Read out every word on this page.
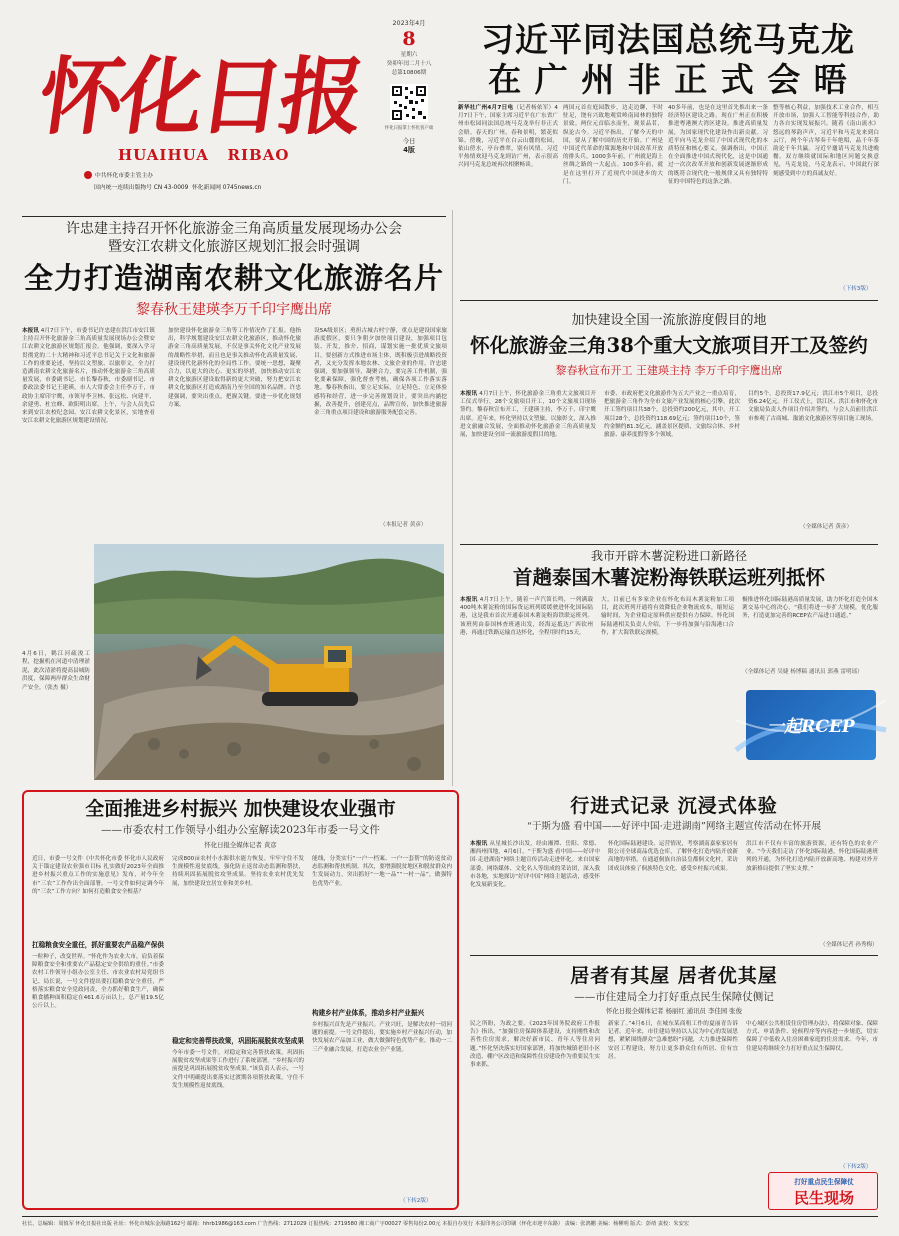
怀化日报
HUAIHUA   RIBAO
中共怀化市委主管主办
国内统一连续出版物号 CN 43-0009 怀化新闻网 0745news.cn
2023年4月
8
星期六
癸卯年闰二月十八
总第10806期
怀化日报掌上怀化客户端
今日
4版
习近平同法国总统马克龙
在 广 州 非 正 式 会 晤
新华社广州4月7日电（记者杨依军）4月7日下午，国家主席习近平在广东省广州市松园同法国总统马克龙举行非正式会晤。春天的广州，春和景明，繁花似锦。傍晚，习近平在白云山麓的松园，依山傍水，亭台叠翠，别有风情。习近平热情欢迎马克龙到访广州，表示很高兴同马克龙总统再次相聚畅谈。
两国元首在庭园散步，边走边聊，不时驻足，饶有兴致地观赏岭南园林的独特景致。两位元首临水而坐，观景品茗，纵论古今。习近平指出，了解今天的中国，要从了解中国的历史开始。广州是中国近代革命的策源地和中国改革开放的排头兵。1000多年前，广州就是海上丝绸之路的一大起点。100多年前，就是在这里打开了近现代中国进步的大门。
40多年前，也是在这里首先推出来一条经济特区建设之路。现在广州正在积极推进粤港澳大湾区建设。推进高质量发展，为国家现代化建设作出新贡献。习近平向马克龙介绍了中国式现代化的本质特征和核心要义。强调指出，中国正在全面推进中国式现代化，这是中国通过一次次改革开放和创新发展逐渐形成的既符合现代化一般规律又具有独特特征的中国特色的这条之路。
整等核心利益，加强技术工业合作，相互开放市场，加强人工智能等科技合作，助力各自实现发展振兴。随着《南山流水》悠远的琴韵声声，习近平和马克龙来到白云厅，两个年古琴奏千年绝唱，品千年茶韵论千年共赢。习近平邀请马克龙共进晚餐。双方继续就国际和地区问题交换意见，马克龙说，马克龙表示，中国此行深刻感受到中方的真诚友好。
（下转3版）
许忠建主持召开怀化旅游金三角高质量发展现场办公会
暨安江农耕文化旅游区规划汇报会时强调
全力打造湖南农耕文化旅游名片
黎春秋王建瑛李万千印宇鹰出席
本报讯 4月7日下午，市委书记许忠建在洪江市安江镇主持召开怀化旅游金三角高质量发展现场办公会暨安江农耕文化旅游区规划汇报会。他强调，要深入学习贯彻党的二十大精神和习近平总书记关于文化和旅游工作的重要论述，坚持以文塑旅、以旅彰文，全力打造湖南农耕文化旅游名片，推动怀化旅游金三角高质量发展，市委副书记、市长黎春秋，市委副书记、市委政法委书记王建瑛，市人大常委会主任李万千，市政协主席印宇鹰，市领导李卫林、张远松、向建平、余建勇、杜宜峰、欧阳明出席。上午，与会人员先后来到安江农校纪念园、安江农耕文化景区，实地查看安江农耕文化旅游区规划建设情况。
加快建设怀化旅游金三角等工作情况作了汇报。他指出，科学规划建设安江农耕文化旅游区，推动怀化旅游金三角高质量发展，不仅是事关怀化文化产业发展的战略性举措，而且也是事关推动怀化高质量发展、建设现代化新怀化的全局性工作。要统一思想，凝聚合力，以更大的决心、更实的举措，加快推动安江农耕文化旅游区建设取得新的更大突破，努力把安江农耕文化旅游区打造成湖南乃至全国的知名品牌。许忠建强调，要突出重点，把握关键，要进一步优化规划方案。
设5A级景区；勇担古城古村宁静，重点是建设国家旅游度假区，要只争朝夕加快项目建设，加强项目包装、开发，推介、招商，谋划实施一批优质文旅项目。要创新方式推进市场主体，既积极引进战略投资者，又充分发挥本地农林、文旅企业的作用。许忠建强调，要加强领导，凝聚合力，要完善工作机制，强化要素保障，强化督查考核，确保各项工作落实落地。黎春秋指出，要立足实际，立足特色，立足体验感特和经营，进一步完善规划设计，要突出内涵挖掘，改善提升，创建亮点，品牌宣传，加快推进旅游金三角重点项目建设和旅游服务配套完善。
（本报记者 黄彦）
加快建设全国一流旅游度假目的地
怀化旅游金三角38个重大文旅项目开工及签约
黎春秋宣布开工 王建瑛主持 李万千印宇鹰出席
本报讯 4月7日上午，怀化旅游金三角重大文旅项目开工仪式举行，28个文旅项目开工，10个文旅项目现场签约。黎春秋宣布开工，王建瑛主持，李万千、印宇鹰出席。近年来，怀化坚持以文塑旅、以旅彰文，深入推进文旅融合发展，全面推动怀化旅游金三角高质量发展，加快建设全国一流旅游度假目的地。
市委、市政府把文化旅游作为五大产业之一重点培育，把旅游金三角作为全市文旅产业发展的核心引擎。此次开工签约项目共38个，总投资约200亿元，其中，开工项目28个，总投资约118.69亿元；签约项目10个，签约金额约81.3亿元，涵盖景区提质、文旅综合体、乡村旅游、康养度假等多个领域。
目约5个，总投资17.9亿元；洪江市5个项目，总投资6.24亿元。开工仪式上，洪江区、洪江市和怀化市文旅局负责人作项目介绍并签约。与会人员前往洪江市参观了古商城、溆浦文化旅游区等项目施工现场。
（全媒体记者 黄彦）
4月6日，鹤江河疏浚工程，挖掘机在河道中清理淤泥，此次清淤将提高县城防洪度，保障两岸群众生命财产安全。（张杰 摄）
我市开辟木薯淀粉进口新路径
首趟泰国木薯淀粉海铁联运班列抵怀
本报讯 4月7日上午，随着一声汽笛长鸣，一列满载400吨木薯淀粉的国际货运班列缓缓驶进怀化国际陆港，这是我市首次开通泰国木薯淀粉海铁联运班列。该班列由泰国林查班港出发，经海运抵达广西钦州港，再通过铁路运输直达怀化，全程用时约15天。
大，目前已有多家企业在怀化布局木薯淀粉加工项目，此次班列开通将有效降低企业物流成本，缩短运输时间，为企业稳定原料供应提供有力保障。怀化国际陆港相关负责人介绍，下一步将加强与沿海港口合作，扩大海铁联运规模。
极推进怀化国际陆港高质量发展，助力怀化打造全国木薯交易中心的决心，“我们将进一步扩大规模，优化服务，打造更加完善的RCEP农产品进口通道。”
（全媒体记者 吴婕 杨博稿 通讯员 郭燕 雷明瑶）
一起RCEP
全面推进乡村振兴 加快建设农业强市
——市委农村工作领导小组办公室解读2023年市委一号文件
怀化日报全媒体记者 黄彦
近日，市委一号文件《中共怀化市委 怀化市人民政府关于锚定建设农业强市目标 扎实做好2023年全面推进乡村振兴重点工作的实施意见》发布，对今年全市“三农”工作作出全面部署。一号文件如何定调今年的“三农”工作方向？如何打造粮食安全根基？
扛稳粮食安全重任，抓好重要农产品稳产保供
一粒种子，改变世界。“怀化作为农业大市，肩负着保障粮食安全和重要农产品稳定安全供给的重任。”市委农村工作领导小组办公室主任、市农业农村局党组书记、局长说，一号文件提出要扛稳粮食安全重任，严格落实粮食安全党政同责，全力抓好粮食生产，确保粮食播种面积稳定在461.6万亩以上，总产量19.5亿公斤以上。
完成800亩农村小水源供水能力恢复。牢牢守住不发生规模性返贫底线，强化防止返贫动态监测和帮扶，持续巩固拓展脱贫攻坚成果。坚持农业农村优先发展，加快建设宜居宜业和美乡村。
稳定和完善帮扶政策，巩固拓展脱贫攻坚成果
今年市委一号文件，对稳定和完善帮扶政策，巩固拓展脱贫攻坚成果等工作进行了系统部署。“乡村振兴的前提是巩固拓展脱贫攻坚成果。”该负责人表示，一号文件中明确提出要落实过渡期各项帮扶政策，守住不发生规模性返贫底线。
能线，分类实行“一户一档案、一户一套帮”的防返贫动态监测和帮扶机制。其次，要增强脱贫地区和脱贫群众内生发展动力，突出抓好“一地一品”“一村一品”，做强特色优势产业。
构建乡村产业体系，推动乡村产业振兴
乡村振兴首先是产业振兴。产业兴旺，是解决农村一切问题的前提。一号文件提出，要实施乡村产业振兴行动，加快发展农产品加工业，做大做强特色优势产业，推动一二三产业融合发展，打造农业全产业链。
（下转2版）
行进式记录 沉浸式体验
“于斯为盛 看中国——好评中国·走进湖南”网络主题宣传活动在怀开展
本报讯 从星城长沙出发，经由湘潭、岳阳、常德、湘西州四地，4月6日，“于斯为盛 看中国——好评中国·走进湖南”网络主题宣传活动走进怀化。来自国家部委、网络媒体、文化名人等组成的采访团，深入我市各地，实地探访“好评中国”网络主题活动，感受怀化发展新变化。
怀化国际陆港建设、运营情况，考察湖南嘉家家居有限公司全球商品优选仓库，了解怀化打造内陆开放新高地的举措。在通道侗族自治县皇都侗文化村，采访团成员体验了侗族特色文化，感受乡村振兴成果。
洪江市不仅有丰富的旅游资源，还有特色的农业产业。“今天我们走访了怀化国际陆港，怀化国际陆港班列的开通，为怀化打造内陆开放新高地、构建对外开放新格局提供了坚实支撑。”
（全媒体记者 孙秀梅）
居者有其屋 居者优其屋
——市住建局全力打好重点民生保障仗侧记
怀化日报全媒体记者 杨丽红 通讯员 李佳园 张俊
民之所盼，为政之要。《2023年国务院政府工作报告》指出，“加强住房保障体系建设，支持刚性和改善性住房需求，解决好新市民、青年人等住房问题。”怀化坚决落实好国家部署，将加快城镇老旧小区改造、棚户区改造和保障性住房建设作为重要民生实事来抓。
新家了。”4月6日，在城东某商租工作的夏丽青告诉记者。近年来，市住建局坚持以人民为中心的发展思想，紧紧围绕群众“急难愁盼”问题，大力推进保障性安居工程建设，努力让更多群众住有所居、住有宜居。
中心城区公共租赁住房管理办法》，将保障对象、保障方式、申请条件、轮候程序等内容进一步规范，切实保障了中低收入住房困难家庭的住房需求。今年，市住建局将继续全力打好重点民生保障仗。
（下转2版）
打好重点民生保障仗
民生现场
社长、总编辑：周慎军 怀化日报社出版 社址：怀化市城东金海路162号 邮箱：hhrb1986@163.com 广告热线：2712029 订报热线：2719580 湘工商广字00027 零售每份2.00元 本报自办发行 本报印务公司印刷（怀化市迎丰东路） 责编：张鸿鹏 美编：杨柳明 版式：彭靖 责校：朱安宏
